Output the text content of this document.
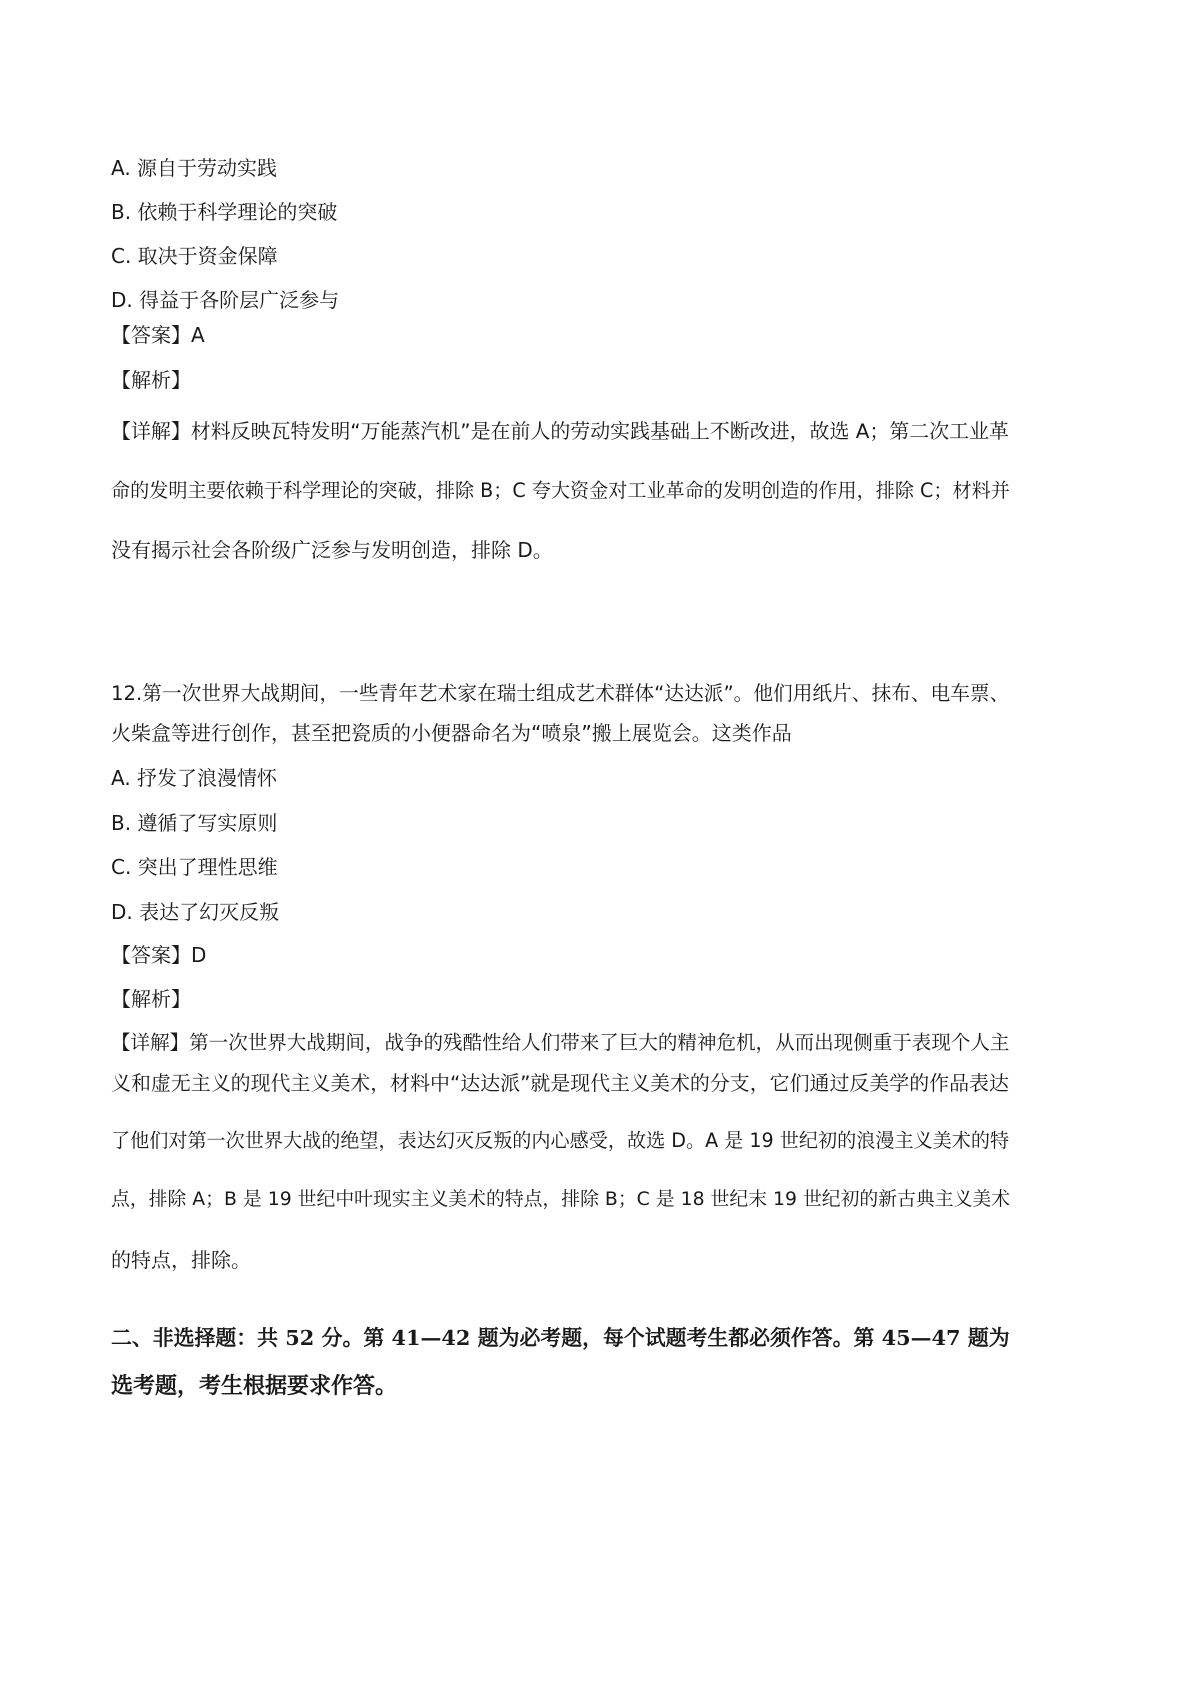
A. 源自于劳动实践
B. 依赖于科学理论的突破
C. 取决于资金保障
D. 得益于各阶层广泛参与
【答案】A
【解析】
【详解】材料反映瓦特发明“万能蒸汽机”是在前人的劳动实践基础上不断改进，故选 A；第二次工业革
命的发明主要依赖于科学理论的突破，排除 B；C 夸大资金对工业革命的发明创造的作用，排除 C；材料并
没有揭示社会各阶级广泛参与发明创造，排除 D。
12.第一次世界大战期间，一些青年艺术家在瑞士组成艺术群体“达达派”。他们用纸片、抹布、电车票、
火柴盒等进行创作，甚至把瓷质的小便器命名为“喷泉”搬上展览会。这类作品
A. 抒发了浪漫情怀
B. 遵循了写实原则
C. 突出了理性思维
D. 表达了幻灭反叛
【答案】D
【解析】
【详解】第一次世界大战期间，战争的残酷性给人们带来了巨大的精神危机，从而出现侧重于表现个人主
义和虚无主义的现代主义美术，材料中“达达派”就是现代主义美术的分支，它们通过反美学的作品表达
了他们对第一次世界大战的绝望，表达幻灭反叛的内心感受，故选 D。A 是 19 世纪初的浪漫主义美术的特
点，排除 A；B 是 19 世纪中叶现实主义美术的特点，排除 B；C 是 18 世纪末 19 世纪初的新古典主义美术
的特点，排除。
二、非选择题：共 52 分。第 41—42 题为必考题，每个试题考生都必须作答。第 45—47 题为
选考题，考生根据要求作答。
